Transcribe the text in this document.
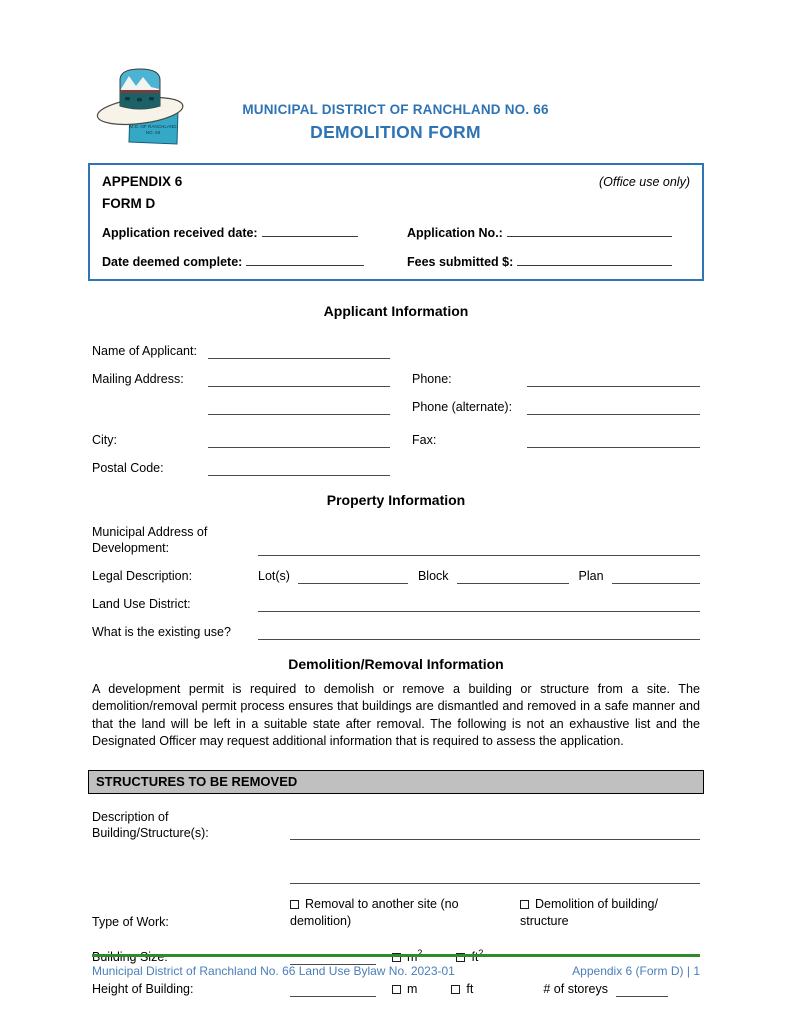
M.D. OF RANCHLAND
NO. 66
MUNICIPAL DISTRICT OF RANCHLAND NO. 66
DEMOLITION FORM
APPENDIX 6	(Office use only)
FORM D
Application received date:	Application No.:
Date deemed complete:	Fees submitted $:
Applicant Information
Name of Applicant:
Mailing Address:	Phone:
Phone (alternate):
City:	Fax:
Postal Code:
Property Information
Municipal Address of
Development:
Legal Description:	Lot(s)	Block	Plan
Land Use District:
What is the existing use?
Demolition/Removal Information
A development permit is required to demolish or remove a building or structure from a site. The demolition/removal permit process ensures that buildings are dismantled and removed in a safe manner and that the land will be left in a suitable state after removal. The following is not an exhaustive list and the Designated Officer may request additional information that is required to assess the application.
STRUCTURES TO BE REMOVED
Description of
Building/Structure(s):
Type of Work:
Removal to another site (no demolition)
Demolition of building/ structure
Building Size:	$m^2$	$ft^2$
Height of Building:	m	ft	# of storeys
Municipal District of Ranchland No. 66 Land Use Bylaw No. 2023-01	Appendix 6 (Form D) | 1
